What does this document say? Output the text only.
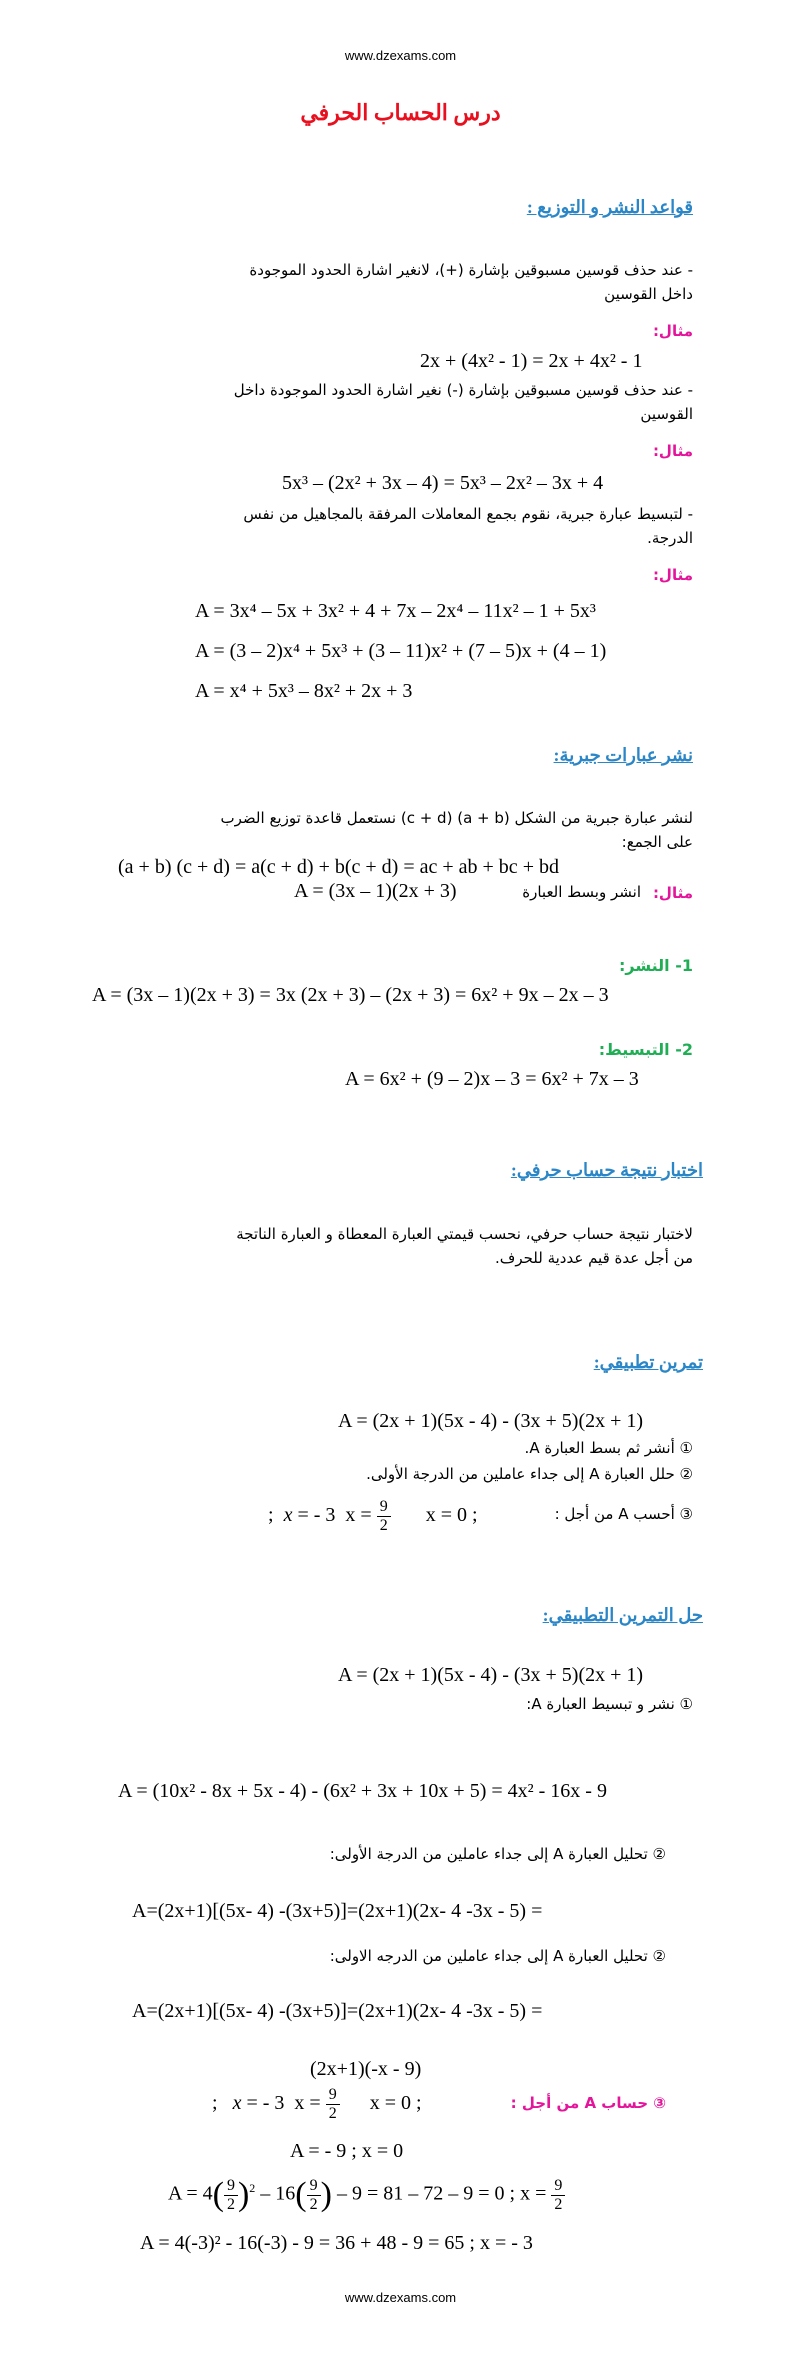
www.dzexams.com
درس الحساب الحرفي
قواعد النشر و التوزيع :
- عند حذف قوسين مسبوقين بإشارة (+)، لانغير اشارة الحدود الموجودة
داخل القوسين
مثال:
2x + (4x² - 1) = 2x + 4x² - 1
- عند حذف قوسين مسبوقين بإشارة (-) نغير اشارة الحدود الموجودة داخل
القوسين
مثال:
5x³ – (2x² + 3x – 4) = 5x³ – 2x² – 3x + 4
- لتبسيط عبارة جبرية، نقوم بجمع المعاملات المرفقة بالمجاهيل من نفس
الدرجة.
مثال:
A = 3x⁴ – 5x + 3x² + 4 + 7x – 2x⁴ – 11x² – 1 + 5x³
A = (3 – 2)x⁴ + 5x³ + (3 – 11)x² + (7 – 5)x + (4 – 1)
A = x⁴ + 5x³ – 8x² + 2x + 3
نشر عبارات جبرية:
لنشر عبارة جبرية من الشكل (a + b) (c + d) نستعمل قاعدة توزيع الضرب
على الجمع:
(a + b) (c + d) = a(c + d) + b(c + d) = ac + ab + bc + bd
مثال:
انشر وبسط العبارة
A = (3x – 1)(2x + 3)
1- النشر:
A = (3x – 1)(2x + 3) = 3x (2x + 3) – (2x + 3) = 6x² + 9x – 2x – 3
2- التبسيط:
A = 6x² + (9 – 2)x – 3 = 6x² + 7x – 3
اختبار نتيجة حساب حرفي:
لاختبار نتيجة حساب حرفي، نحسب قيمتي العبارة المعطاة و العبارة الناتجة
من أجل عدة قيم عددية للحرف.
تمرين تطبيقي:
A = (2x + 1)(5x - 4) - (3x + 5)(2x + 1)
① أنشر ثم بسط العبارة A.
② حلل العبارة A إلى جداء عاملين من الدرجة الأولى.
③ أحسب A من أجل :
;  x = - 3  $x = \frac{9}{2}$ x = 0 ;
حل التمرين التطبيقي:
A = (2x + 1)(5x - 4) - (3x + 5)(2x + 1)
① نشر و تبسيط العبارة A:
A = (10x² - 8x + 5x - 4) - (6x² + 3x + 10x + 5) = 4x² - 16x - 9
② تحليل العبارة A إلى جداء عاملين من الدرجة الأولى:
A=(2x+1)[(5x- 4) -(3x+5)]=(2x+1)(2x- 4 -3x - 5) =
② تحليل العبارة A إلى جداء عاملين من الدرجه الاولى:
A=(2x+1)[(5x- 4) -(3x+5)]=(2x+1)(2x- 4 -3x - 5) =
(2x+1)(-x - 9)
③ حساب A من أجل :
;   x = - 3  $x = \frac{9}{2}$ x = 0 ;
A = - 9 ; x = 0
$A = 4( \frac{9}{2} )^2 - 16( \frac{9}{2}$ ) – 9 = 81 – 72 – 9 = 0 ; $x = \frac{9}{2}$
A = 4(-3)² - 16(-3) - 9 = 36 + 48 - 9 = 65 ; x = - 3
www.dzexams.com
